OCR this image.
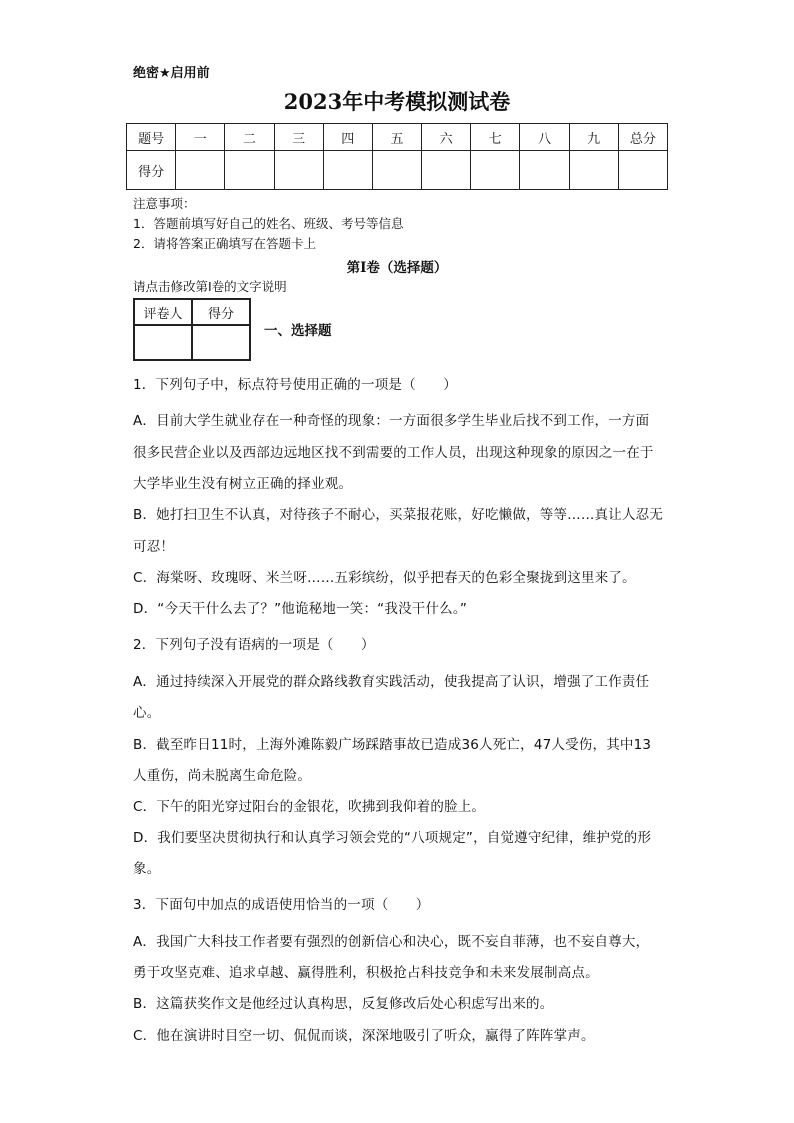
绝密★启用前
2023年中考模拟测试卷
题号	一	二	三	四	五	六	七	八	九	总分
得分										
注意事项：
1．答题前填写好自己的姓名、班级、考号等信息
2．请将答案正确填写在答题卡上
第I卷（选择题）
请点击修改第I卷的文字说明
评卷人	得分

一、选择题
1．下列句子中，标点符号使用正确的一项是（　　）
A．目前大学生就业存在一种奇怪的现象：一方面很多学生毕业后找不到工作，一方面
很多民营企业以及西部边远地区找不到需要的工作人员，出现这种现象的原因之一在于
大学毕业生没有树立正确的择业观。
B．她打扫卫生不认真，对待孩子不耐心，买菜报花账，好吃懒做，等等……真让人忍无
可忍！
C．海棠呀、玫瑰呀、米兰呀……五彩缤纷，似乎把春天的色彩全聚拢到这里来了。
D．“今天干什么去了？”他诡秘地一笑：“我没干什么。”
2．下列句子没有语病的一项是（　　）
A．通过持续深入开展党的群众路线教育实践活动，使我提高了认识，增强了工作责任
心。
B．截至昨日11时，上海外滩陈毅广场踩踏事故已造成36人死亡，47人受伤，其中13
人重伤，尚未脱离生命危险。
C．下午的阳光穿过阳台的金银花，吹拂到我仰着的脸上。
D．我们要坚决贯彻执行和认真学习领会党的“八项规定”，自觉遵守纪律，维护党的形
象。
3．下面句中加点的成语使用恰当的一项（　　）
A．我国广大科技工作者要有强烈的创新信心和决心，既不妄自菲薄，也不妄自尊大，
勇于攻坚克难、追求卓越、赢得胜利，积极抢占科技竞争和未来发展制高点。
B．这篇获奖作文是他经过认真构思，反复修改后处心积虑写出来的。
C．他在演讲时目空一切、侃侃而谈，深深地吸引了听众，赢得了阵阵掌声。
